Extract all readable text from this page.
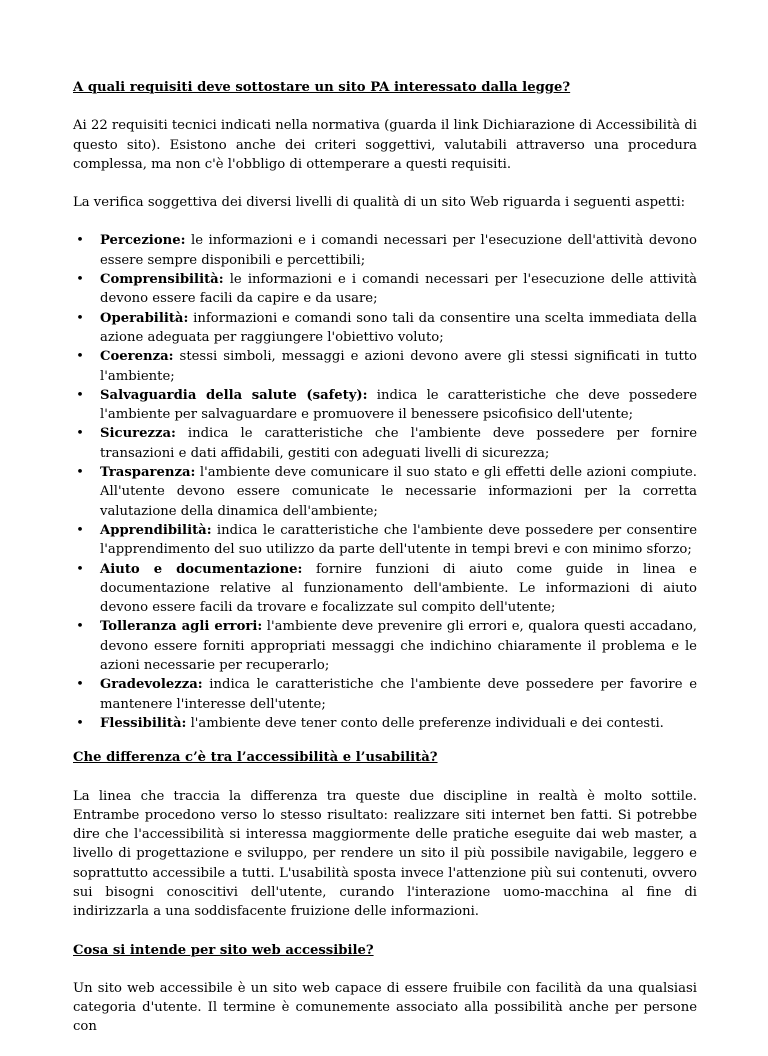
A quali requisiti deve sottostare un sito PA interessato dalla legge?

Ai 22 requisiti tecnici indicati nella normativa (guarda il link Dichiarazione di Accessibilità di questo sito). Esistono anche dei criteri soggettivi, valutabili attraverso una procedura complessa, ma non c'è l'obbligo di ottemperare a questi requisiti.

La verifica soggettiva dei diversi livelli di qualità di un sito Web riguarda i seguenti aspetti:

• Percezione: le informazioni e i comandi necessari per l'esecuzione dell'attività devono essere sempre disponibili e percettibili;
• Comprensibilità: le informazioni e i comandi necessari per l'esecuzione delle attività devono essere facili da capire e da usare;
• Operabilità: informazioni e comandi sono tali da consentire una scelta immediata della azione adeguata per raggiungere l'obiettivo voluto;
• Coerenza: stessi simboli, messaggi e azioni devono avere gli stessi significati in tutto l'ambiente;
• Salvaguardia della salute (safety): indica le caratteristiche che deve possedere l'ambiente per salvaguardare e promuovere il benessere psicofisico dell'utente;
• Sicurezza: indica le caratteristiche che l'ambiente deve possedere per fornire transazioni e dati affidabili, gestiti con adeguati livelli di sicurezza;
• Trasparenza: l'ambiente deve comunicare il suo stato e gli effetti delle azioni compiute. All'utente devono essere comunicate le necessarie informazioni per la corretta valutazione della dinamica dell'ambiente;
• Apprendibilità: indica le caratteristiche che l'ambiente deve possedere per consentire l'apprendimento del suo utilizzo da parte dell'utente in tempi brevi e con minimo sforzo;
• Aiuto e documentazione: fornire funzioni di aiuto come guide in linea e documentazione relative al funzionamento dell'ambiente. Le informazioni di aiuto devono essere facili da trovare e focalizzate sul compito dell'utente;
• Tolleranza agli errori: l'ambiente deve prevenire gli errori e, qualora questi accadano, devono essere forniti appropriati messaggi che indichino chiaramente il problema e le azioni necessarie per recuperarlo;
• Gradevolezza: indica le caratteristiche che l'ambiente deve possedere per favorire e mantenere l'interesse dell'utente;
• Flessibilità: l'ambiente deve tener conto delle preferenze individuali e dei contesti.

Che differenza c’è tra l’accessibilità e l’usabilità?

La linea che traccia la differenza tra queste due discipline in realtà è molto sottile. Entrambe procedono verso lo stesso risultato: realizzare siti internet ben fatti. Si potrebbe dire che l'accessibilità si interessa maggiormente delle pratiche eseguite dai web master, a livello di progettazione e sviluppo, per rendere un sito il più possibile navigabile, leggero e soprattutto accessibile a tutti. L'usabilità sposta invece l'attenzione più sui contenuti, ovvero sui bisogni conoscitivi dell'utente, curando l'interazione uomo-macchina al fine di indirizzarla a una soddisfacente fruizione delle informazioni.

Cosa si intende per sito web accessibile?

Un sito web accessibile è un sito web capace di essere fruibile con facilità da una qualsiasi categoria d'utente. Il termine è comunemente associato alla possibilità anche per persone con
